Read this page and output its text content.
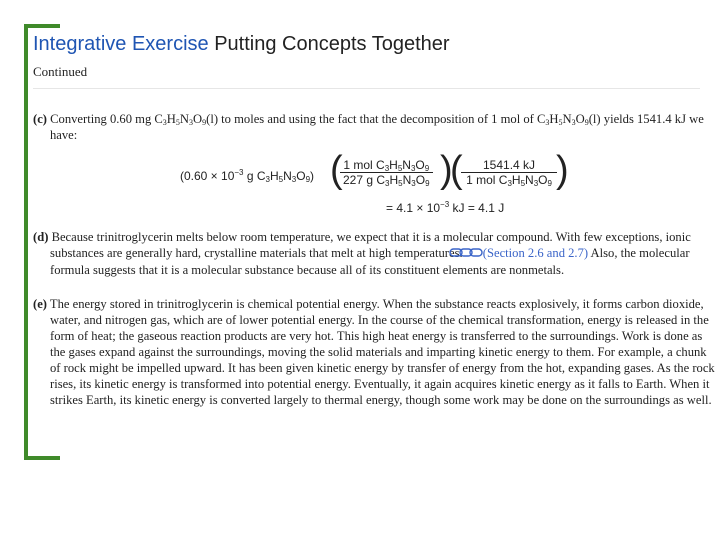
Integrative Exercise Putting Concepts Together
Continued
(c) Converting 0.60 mg $C_3H_5N_3O_9(l)$ to moles and using the fact that the decomposition of 1 mol of $C_3H_5N_3O_9(l)$ yields 1541.4 kJ we have:
($0.60 \times 10^{-3}$ g $C_3H_5N_3O_9$) ( 1 mol $C_3H_5N_3O_9$
227 g $C_3H_5N_3O_9$ )
(	1541.4 kJ
1 mol $C_3H_5N_3O_9$ )
= $4.1 \times 10^{-3}$ kJ = 4.1 J
(d) Because trinitroglycerin melts below room temperature, we expect that it is a molecular compound. With few exceptions, ionic substances are generally hard, crystalline materials that melt at high temperatures. (Section 2.6 and 2.7) Also, the molecular formula suggests that it is a molecular substance because all of its constituent elements are nonmetals.
(e) The energy stored in trinitroglycerin is chemical potential energy. When the substance reacts explosively, it forms carbon dioxide, water, and nitrogen gas, which are of lower potential energy. In the course of the chemical transformation, energy is released in the form of heat; the gaseous reaction products are very hot. This high heat energy is transferred to the surroundings. Work is done as the gases expand against the surroundings, moving the solid materials and imparting kinetic energy to them. For example, a chunk of rock might be impelled upward. It has been given kinetic energy by transfer of energy from the hot, expanding gases. As the rock rises, its kinetic energy is transformed into potential energy. Eventually, it again acquires kinetic energy as it falls to Earth. When it strikes Earth, its kinetic energy is converted largely to thermal energy, though some work may be done on the surroundings as well.
